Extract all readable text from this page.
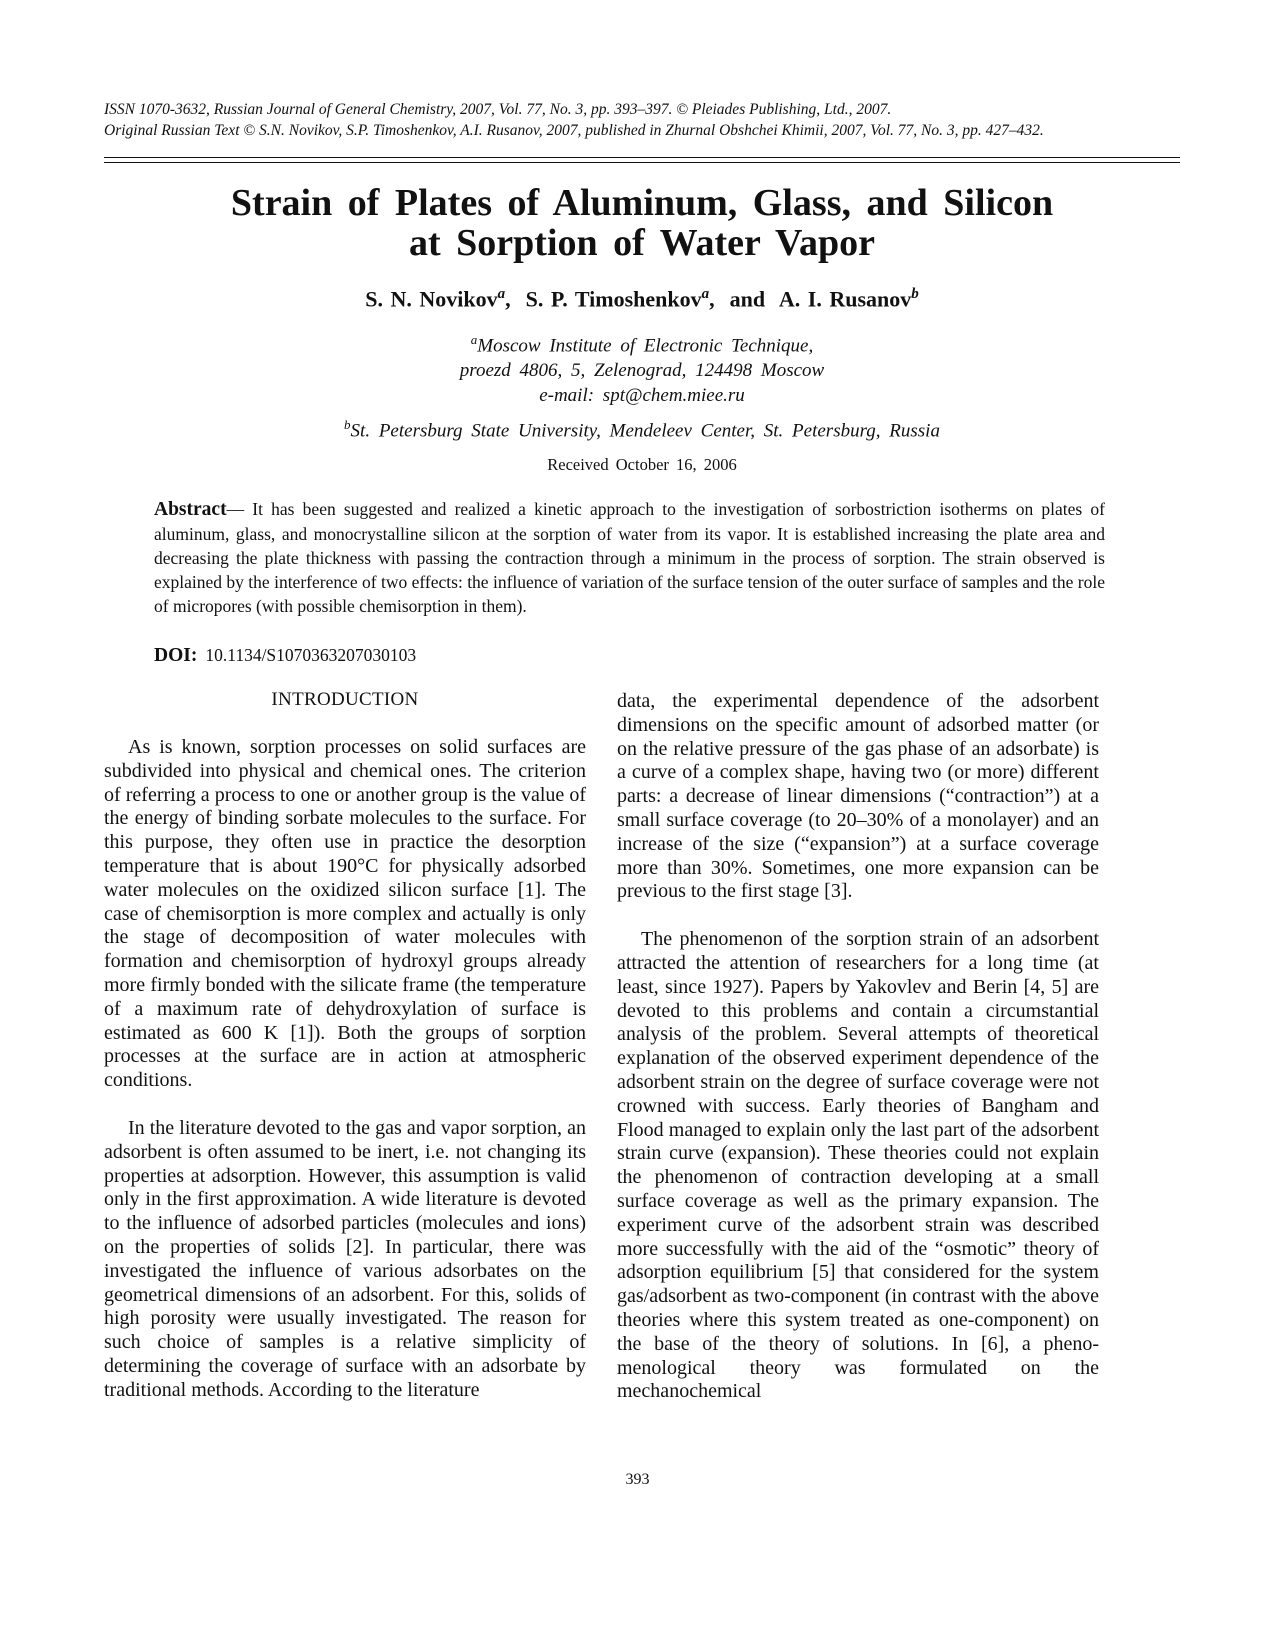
ISSN 1070-3632, Russian Journal of General Chemistry, 2007, Vol. 77, No. 3, pp. 393–397. © Pleiades Publishing, Ltd., 2007.
Original Russian Text © S.N. Novikov, S.P. Timoshenkov, A.I. Rusanov, 2007, published in Zhurnal Obshchei Khimii, 2007, Vol. 77, No. 3, pp. 427–432.
Strain of Plates of Aluminum, Glass, and Silicon
at Sorption of Water Vapor
S. N. Novikov$^a$,  S. P. Timoshenkov$^a$,  and A. I. Rusanov$^b$
$^a$Moscow Institute of Electronic Technique,
proezd 4806, 5, Zelenograd, 124498 Moscow
e-mail: spt@chem.miee.ru
$^b$St. Petersburg State University, Mendeleev Center, St. Petersburg, Russia
Received October 16, 2006
Abstract— It has been suggested and realized a kinetic approach to the investigation of sorbostriction isotherms on plates of aluminum, glass, and monocrystalline silicon at the sorption of water from its vapor. It is established increasing the plate area and decreasing the plate thickness with passing the contraction through a minimum in the process of sorption. The strain observed is explained by the interference of two effects: the influence of variation of the surface tension of the outer surface of samples and the role of micropores (with possible chemisorption in them).
DOI: 10.1134/S1070363207030103
INTRODUCTION

As is known, sorption processes on solid surfaces are subdivided into physical and chemical ones. The criterion of referring a process to one or another group is the value of the energy of binding sorbate molecules to the surface. For this purpose, they often use in practice the desorption temperature that is about 190°C for physically adsorbed water molecules on the oxidized silicon surface [1]. The case of chemisorption is more complex and actually is only the stage of decomposition of water molecules with formation and chemisorption of hydroxyl groups already more firmly bonded with the silicate frame (the temperature of a maximum rate of dehydroxylation of surface is estimated as 600 K [1]). Both the groups of sorption processes at the surface are in action at atmospheric conditions.

In the literature devoted to the gas and vapor sorption, an adsorbent is often assumed to be inert, i.e. not changing its properties at adsorption. However, this assumption is valid only in the first approximation. A wide literature is devoted to the influence of adsorbed particles (molecules and ions) on the properties of solids [2]. In particular, there was investigated the influence of various adsorbates on the geometrical dimensions of an adsorbent. For this, solids of high porosity were usually investigated. The reason for such choice of samples is a relative simplicity of determining the coverage of surface with an adsorbate by traditional methods. According to the literature

data, the experimental dependence of the adsorbent dimensions on the specific amount of adsorbed matter (or on the relative pressure of the gas phase of an adsorbate) is a curve of a complex shape, having two (or more) different parts: a decrease of linear dimensions (“contraction”) at a small surface coverage (to 20–30% of a monolayer) and an increase of the size (“expansion”) at a surface coverage more than 30%. Sometimes, one more expansion can be previous to the first stage [3].

The phenomenon of the sorption strain of an adsorbent attracted the attention of researchers for a long time (at least, since 1927). Papers by Yakovlev and Berin [4, 5] are devoted to this problems and contain a circumstantial analysis of the problem. Several attempts of theoretical explanation of the observed experiment dependence of the adsorbent strain on the degree of surface coverage were not crowned with success. Early theories of Bangham and Flood managed to explain only the last part of the adsorbent strain curve (expansion). These theories could not explain the phenomenon of contraction developing at a small surface coverage as well as the primary expansion. The experiment curve of the adsorbent strain was described more successfully with the aid of the “osmotic” theory of adsorption equilibrium [5] that considered for the system gas/adsorbent as two-component (in contrast with the above theories where this system treated as one-component) on the base of the theory of solutions. In [6], a pheno-menological theory was formulated on the mechanochemical

393
